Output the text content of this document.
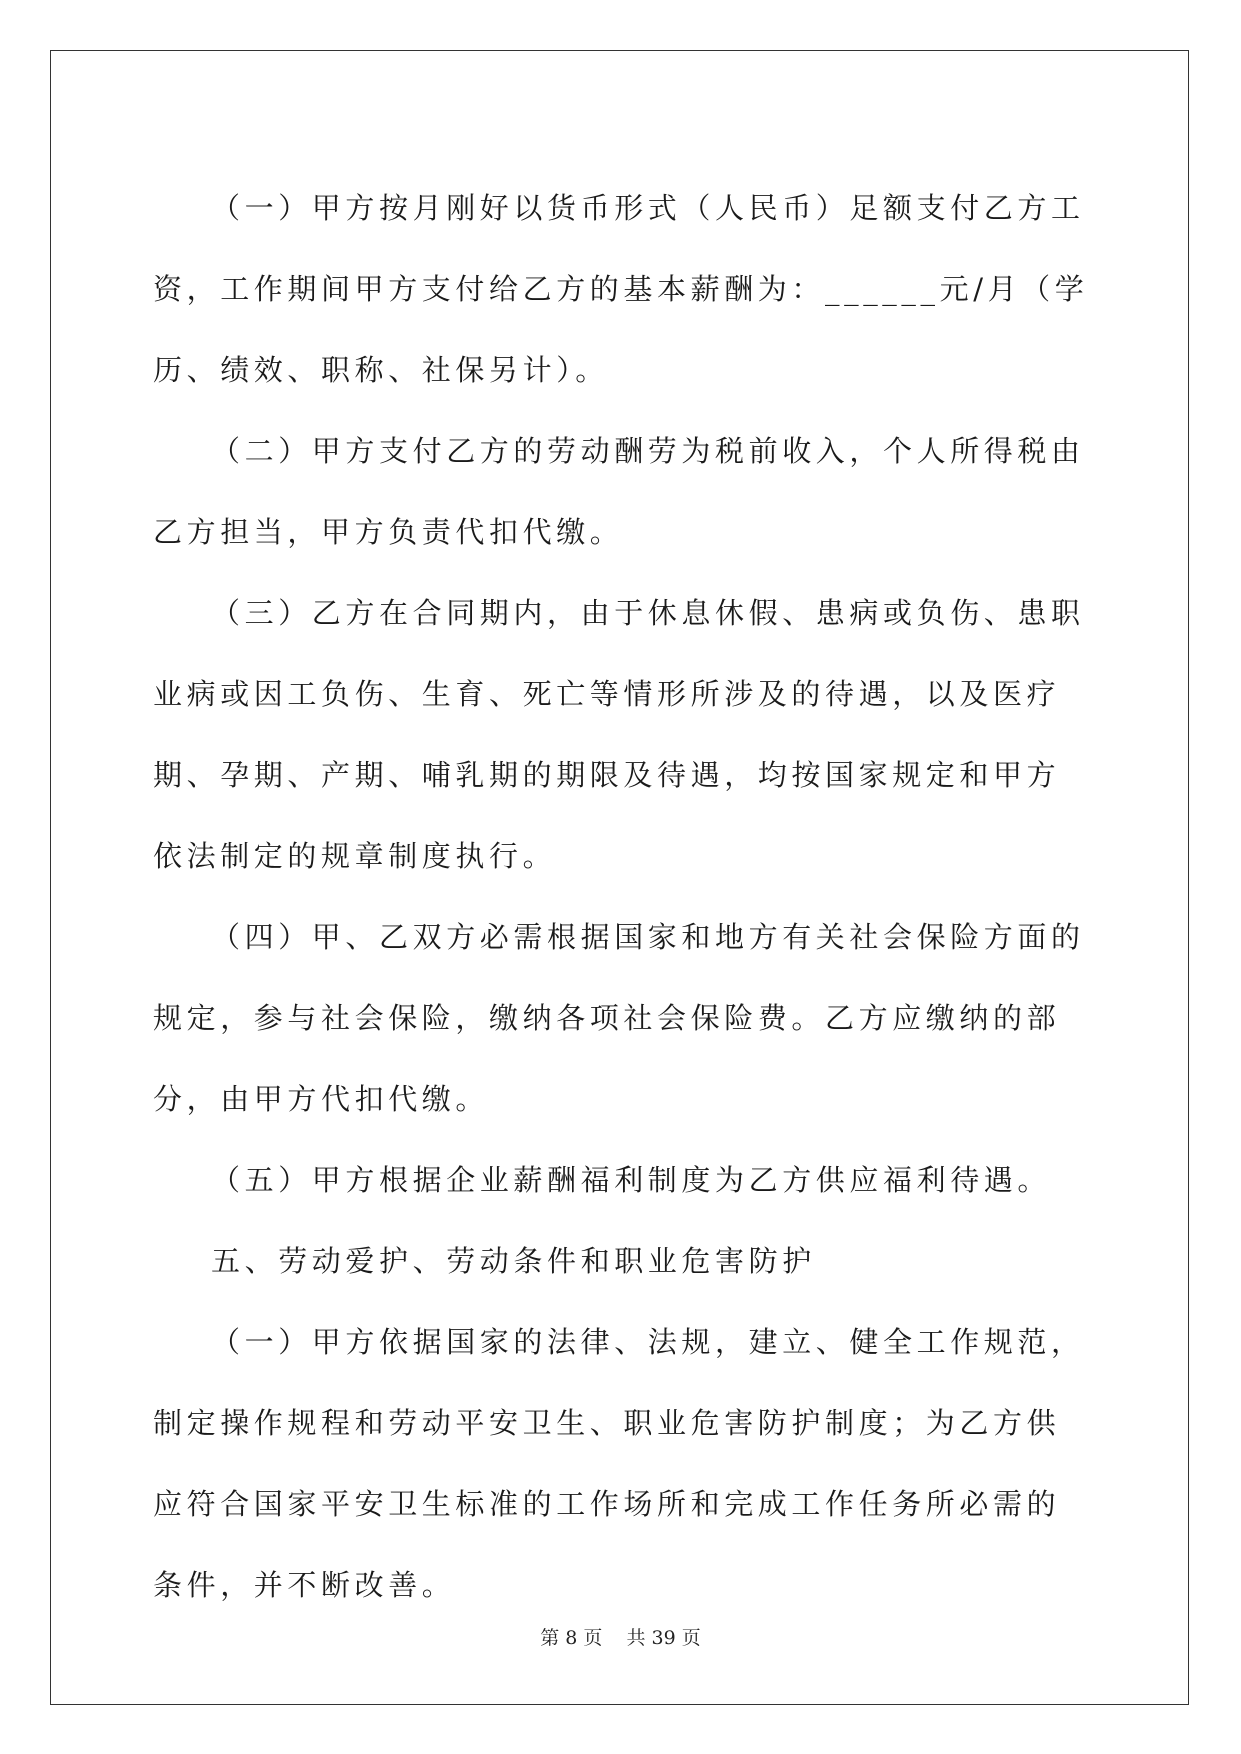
（一）甲方按月刚好以货币形式（人民币）足额支付乙方工资，工作期间甲方支付给乙方的基本薪酬为：______元/月（学历、绩效、职称、社保另计）。

（二）甲方支付乙方的劳动酬劳为税前收入，个人所得税由乙方担当，甲方负责代扣代缴。

（三）乙方在合同期内，由于休息休假、患病或负伤、患职业病或因工负伤、生育、死亡等情形所涉及的待遇，以及医疗期、孕期、产期、哺乳期的期限及待遇，均按国家规定和甲方依法制定的规章制度执行。

（四）甲、乙双方必需根据国家和地方有关社会保险方面的规定，参与社会保险，缴纳各项社会保险费。乙方应缴纳的部分，由甲方代扣代缴。

（五）甲方根据企业薪酬福利制度为乙方供应福利待遇。

五、劳动爱护、劳动条件和职业危害防护

（一）甲方依据国家的法律、法规，建立、健全工作规范，制定操作规程和劳动平安卫生、职业危害防护制度；为乙方供应符合国家平安卫生标准的工作场所和完成工作任务所必需的条件，并不断改善。

第 8 页 共 39 页
